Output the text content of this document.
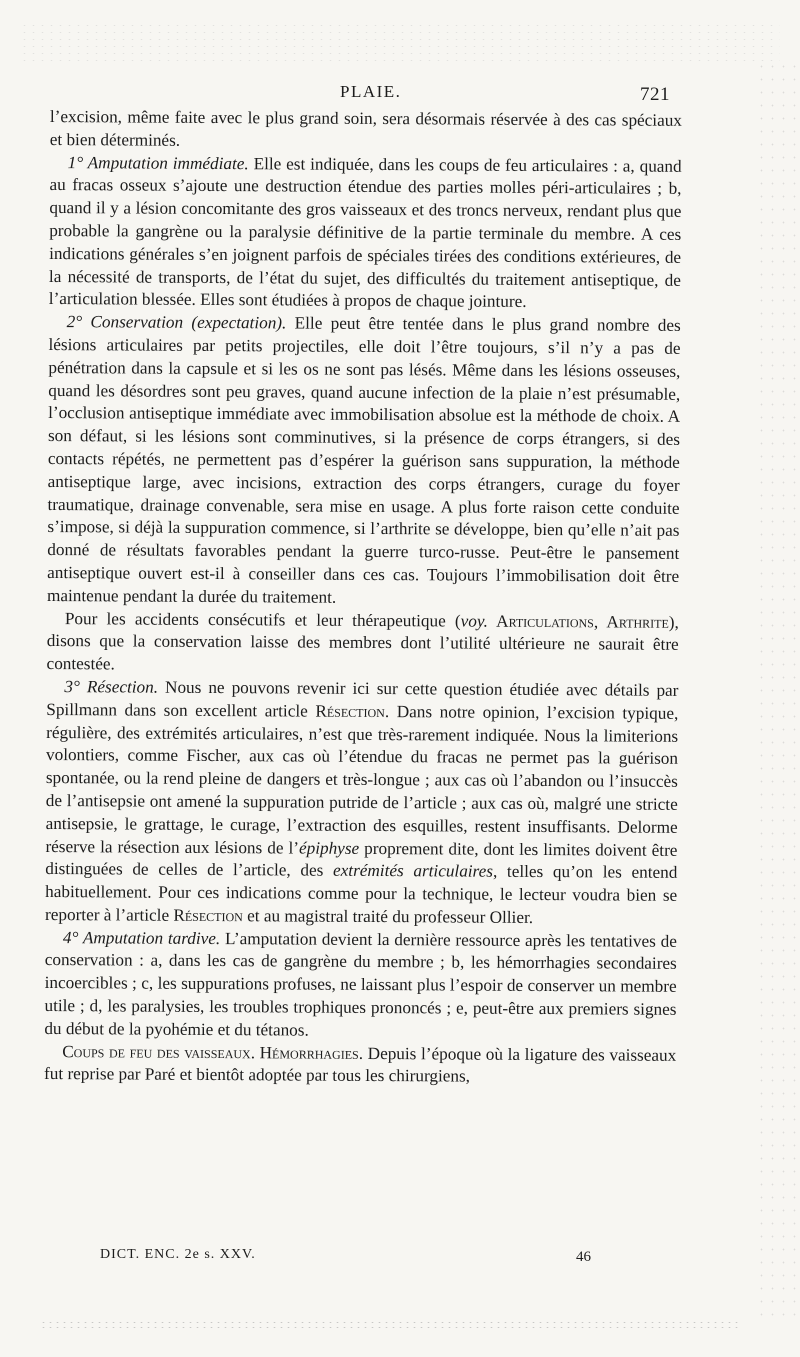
PLAIE.	721

l’excision, même faite avec le plus grand soin, sera désormais réservée à des cas spéciaux et bien déterminés.

1° Amputation immédiate. Elle est indiquée, dans les coups de feu articulaires : a, quand au fracas osseux s’ajoute une destruction étendue des parties molles péri-articulaires ; b, quand il y a lésion concomitante des gros vaisseaux et des troncs nerveux, rendant plus que probable la gangrène ou la paralysie définitive de la partie terminale du membre. A ces indications générales s’en joignent parfois de spéciales tirées des conditions extérieures, de la nécessité de transports, de l’état du sujet, des difficultés du traitement antiseptique, de l’articulation blessée. Elles sont étudiées à propos de chaque jointure.

2° Conservation (expectation). Elle peut être tentée dans le plus grand nombre des lésions articulaires par petits projectiles, elle doit l’être toujours, s’il n’y a pas de pénétration dans la capsule et si les os ne sont pas lésés. Même dans les lésions osseuses, quand les désordres sont peu graves, quand aucune infection de la plaie n’est présumable, l’occlusion antiseptique immédiate avec immobilisation absolue est la méthode de choix. A son défaut, si les lésions sont comminutives, si la présence de corps étrangers, si des contacts répétés, ne permettent pas d’espérer la guérison sans suppuration, la méthode antiseptique large, avec incisions, extraction des corps étrangers, curage du foyer traumatique, drainage convenable, sera mise en usage. A plus forte raison cette conduite s’impose, si déjà la suppuration commence, si l’arthrite se développe, bien qu’elle n’ait pas donné de résultats favorables pendant la guerre turco-russe. Peut-être le pansement antiseptique ouvert est-il à conseiller dans ces cas. Toujours l’immobilisation doit être maintenue pendant la durée du traitement.

Pour les accidents consécutifs et leur thérapeutique (voy. Articulations, Arthrite), disons que la conservation laisse des membres dont l’utilité ultérieure ne saurait être contestée.

3° Résection. Nous ne pouvons revenir ici sur cette question étudiée avec détails par Spillmann dans son excellent article Résection. Dans notre opinion, l’excision typique, régulière, des extrémités articulaires, n’est que très-rarement indiquée. Nous la limiterions volontiers, comme Fischer, aux cas où l’étendue du fracas ne permet pas la guérison spontanée, ou la rend pleine de dangers et très-longue ; aux cas où l’abandon ou l’insuccès de l’antisepsie ont amené la suppuration putride de l’article ; aux cas où, malgré une stricte antisepsie, le grattage, le curage, l’extraction des esquilles, restent insuffisants. Delorme réserve la résection aux lésions de l’épiphyse proprement dite, dont les limites doivent être distinguées de celles de l’article, des extrémités articulaires, telles qu’on les entend habituellement. Pour ces indications comme pour la technique, le lecteur voudra bien se reporter à l’article Résection et au magistral traité du professeur Ollier.

4° Amputation tardive. L’amputation devient la dernière ressource après les tentatives de conservation : a, dans les cas de gangrène du membre ; b, les hémorrhagies secondaires incoercibles ; c, les suppurations profuses, ne laissant plus l’espoir de conserver un membre utile ; d, les paralysies, les troubles trophiques prononcés ; e, peut-être aux premiers signes du début de la pyohémie et du tétanos.

Coups de feu des vaisseaux. Hémorrhagies. Depuis l’époque où la ligature des vaisseaux fut reprise par Paré et bientôt adoptée par tous les chirurgiens,

DICT. ENC. 2e s. XXV.	46
